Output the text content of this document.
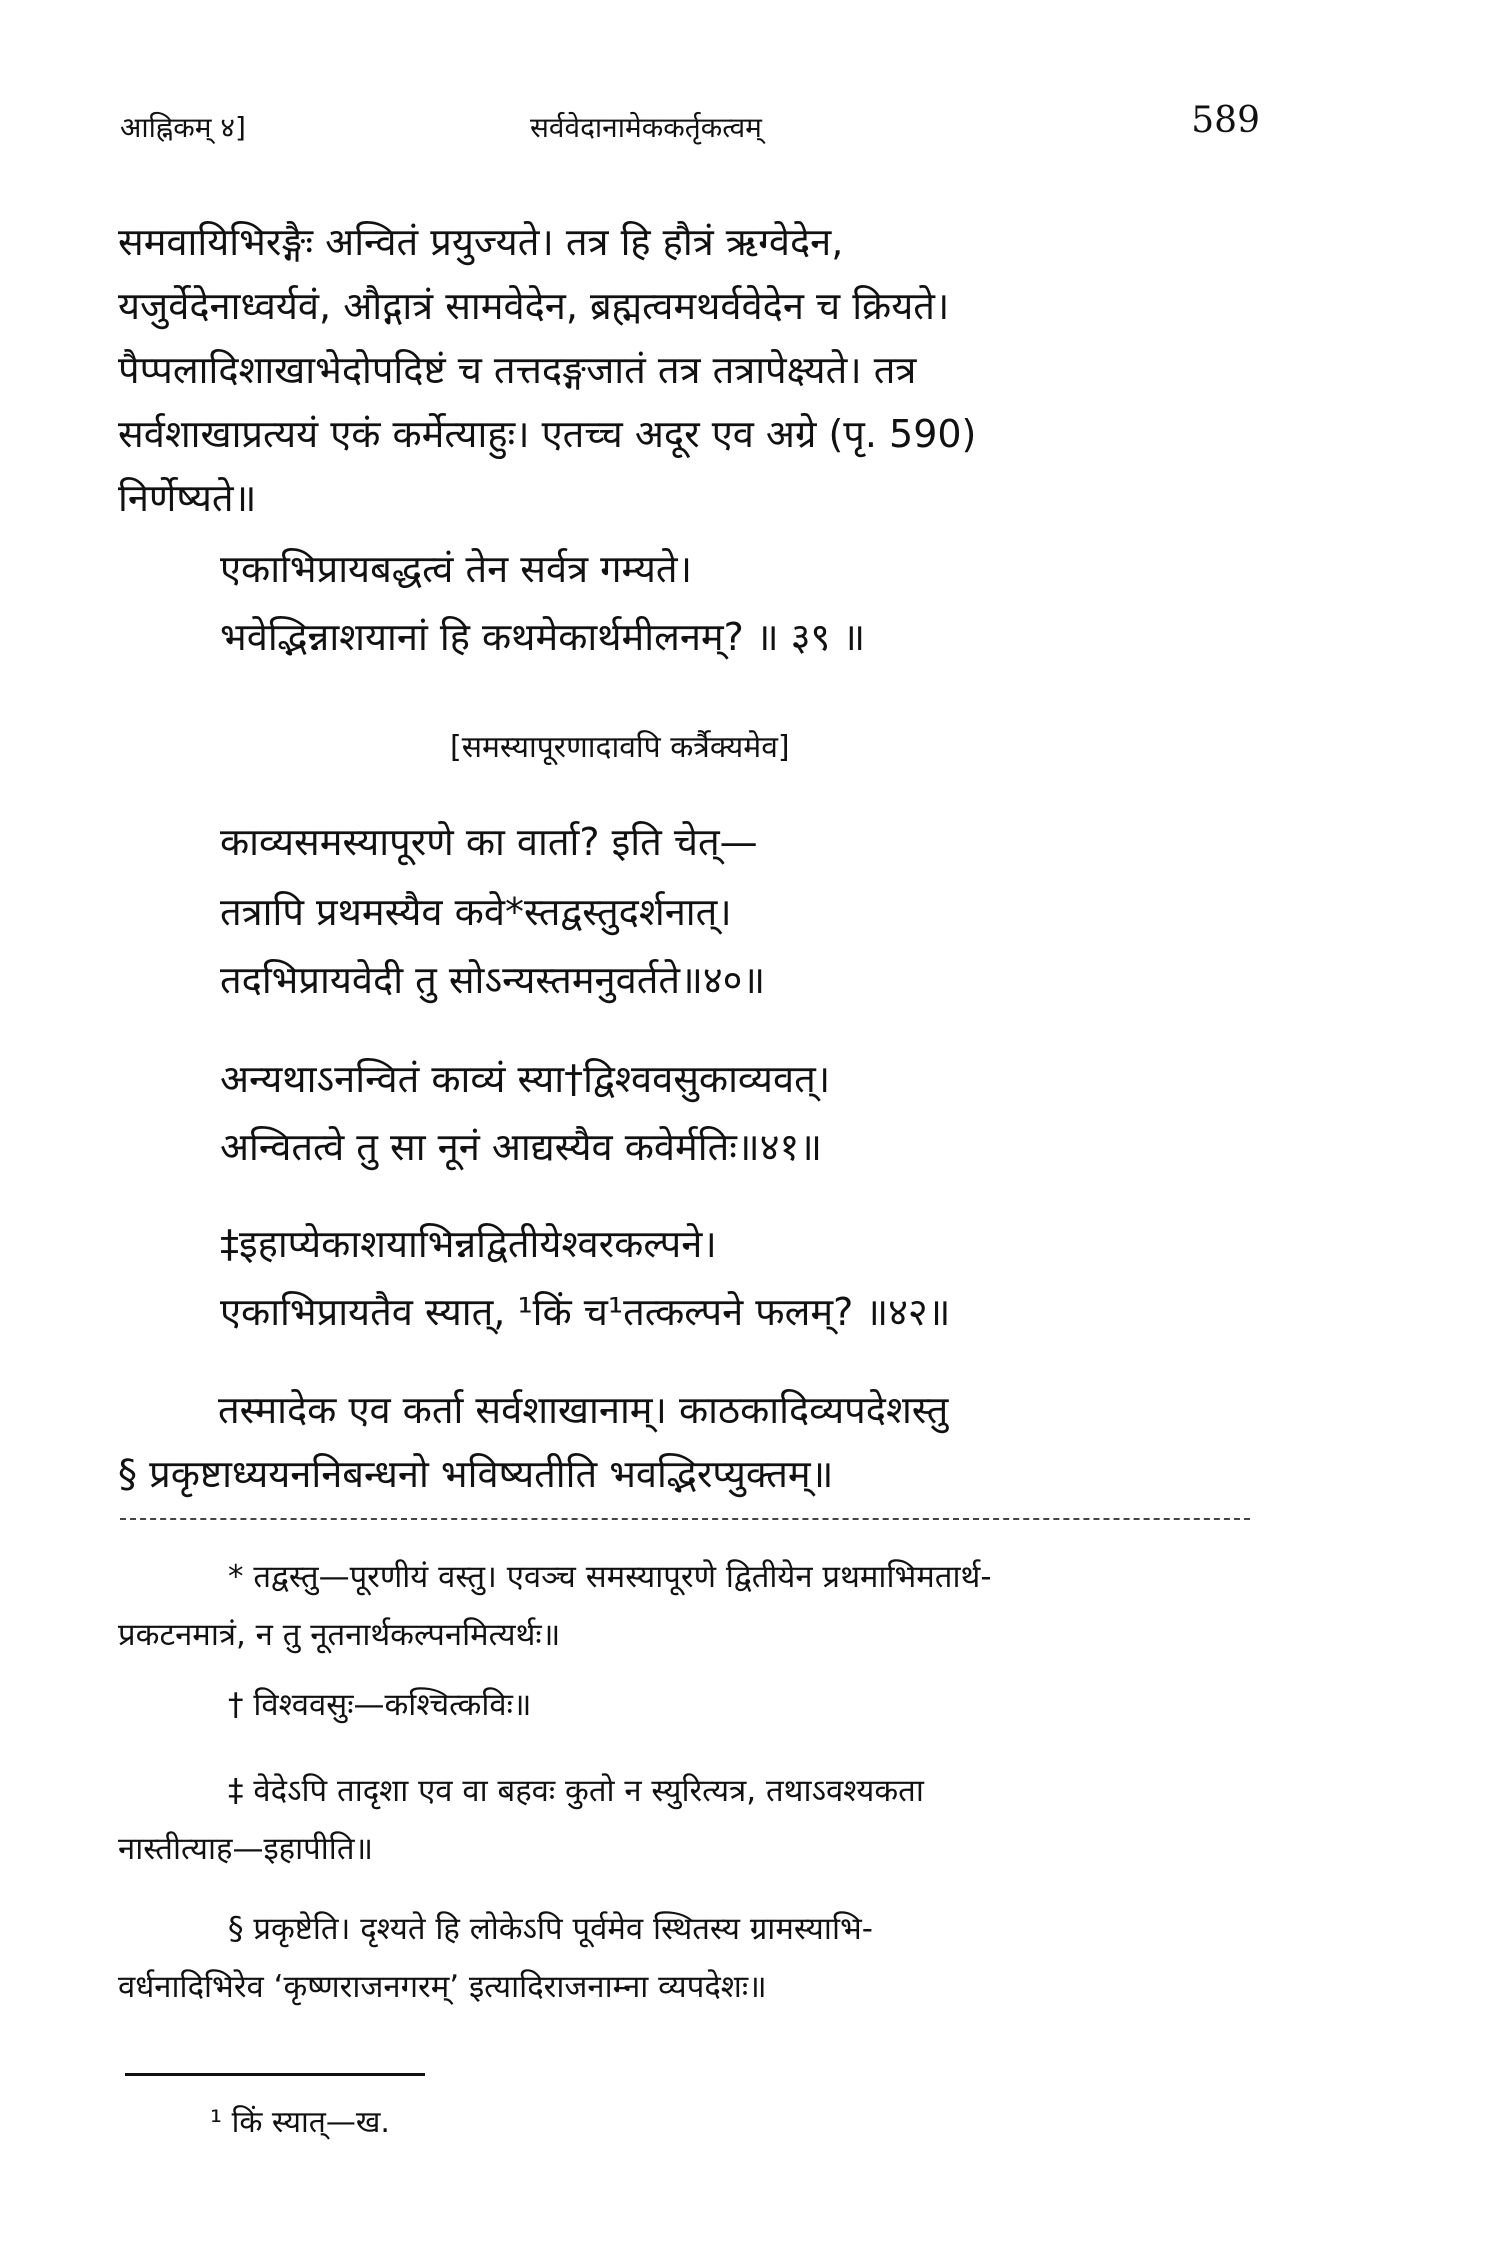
आह्निकम् ४]	सर्ववेदानामेककर्तृकत्वम्	589

समवायिभिरङ्गैः अन्वितं प्रयुज्यते। तत्र हि हौत्रं ऋग्वेदेन,

यजुर्वेदेनाध्वर्यवं, औद्गात्रं सामवेदेन, ब्रह्मत्वमथर्ववेदेन च क्रियते।

पैप्पलादिशाखाभेदोपदिष्टं च तत्तदङ्गजातं तत्र तत्रापेक्ष्यते। तत्र

सर्वशाखाप्रत्ययं एकं कर्मेत्याहुः। एतच्च अदूर एव अग्रे (पृ. 590)

निर्णेष्यते॥

एकाभिप्रायबद्धत्वं तेन सर्वत्र गम्यते।
भवेद्भिन्नाशयानां हि कथमेकार्थमीलनम्? ॥ ३९ ॥
[समस्यापूरणादावपि कर्त्रैक्यमेव]
काव्यसमस्यापूरणे का वार्ता? इति चेत्—
तत्रापि प्रथमस्यैव कवे*स्तद्वस्तुदर्शनात्।
तदभिप्रायवेदी तु सोऽन्यस्तमनुवर्तते॥४०॥
अन्यथाऽनन्वितं काव्यं स्या†द्विश्ववसुकाव्यवत्।
अन्वितत्वे तु सा नूनं आद्यस्यैव कवेर्मतिः॥४१॥
‡इहाप्येकाशयाभिन्नद्वितीयेश्वरकल्पने।
एकाभिप्रायतैव स्यात्, ¹किं च¹तत्कल्पने फलम्? ॥४२॥

तस्मादेक एव कर्ता सर्वशाखानाम्। काठकादिव्यपदेशस्तु

§ प्रकृष्टाध्ययननिबन्धनो भविष्यतीति भवद्भिरप्युक्तम्॥

* तद्वस्तु—पूरणीयं वस्तु। एवञ्च समस्यापूरणे द्वितीयेन प्रथमाभिमतार्थ-
प्रकटनमात्रं, न तु नूतनार्थकल्पनमित्यर्थः॥
† विश्ववसुः—कश्चित्कविः॥
‡ वेदेऽपि तादृशा एव वा बहवः कुतो न स्युरित्यत्र, तथाऽवश्यकता
नास्तीत्याह—इहापीति॥
§ प्रकृष्टेति। दृश्यते हि लोकेऽपि पूर्वमेव स्थितस्य ग्रामस्याभि-
वर्धनादिभिरेव ‘कृष्णराजनगरम्’ इत्यादिराजनाम्ना व्यपदेशः॥
¹ किं स्यात्—ख.
